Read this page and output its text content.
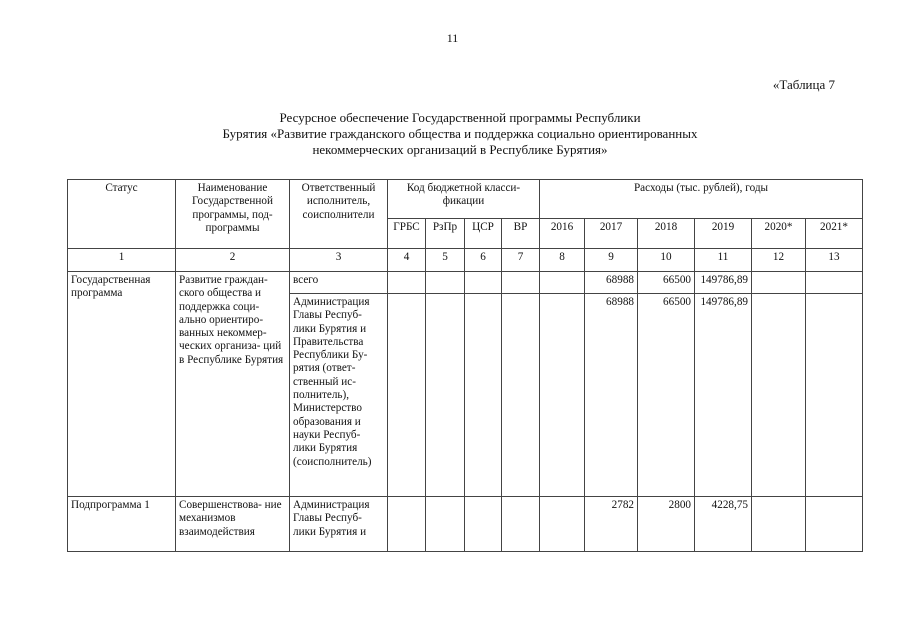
11
«Таблица 7
Ресурсное обеспечение Государственной программы Республики
Бурятия «Развитие гражданского общества и поддержка социально ориентированных
некоммерческих организаций в Республике Бурятия»
Статус	Наименование Государственной программы, под- программы	Ответственный исполнитель, соисполнители	Код бюджетной класси- фикации				Расходы (тыс. рублей), годы					
			ГРБС	РзПр	ЦСР	ВР	2016	2017	2018	2019	2020*	2021*
1	2	3	4	5	6	7	8	9	10	11	12	13
Государственная программа	Развитие граждан- ского общества и поддержка соци- ально ориентиро- ванных некоммер- ческих организа- ций в Республике Бурятия	всего						68988	66500	149786,89		
		Администрация Главы Респуб- лики Бурятия и Правительства Республики Бу- рятия (ответ- ственный ис- полнитель), Министерство образования и науки Респуб- лики Бурятия (соисполнитель)						68988	66500	149786,89		
Подпрограмма 1	Совершенствова- ние механизмов взаимодействия	Администрация Главы Респуб- лики Бурятия и						2782	2800	4228,75		
